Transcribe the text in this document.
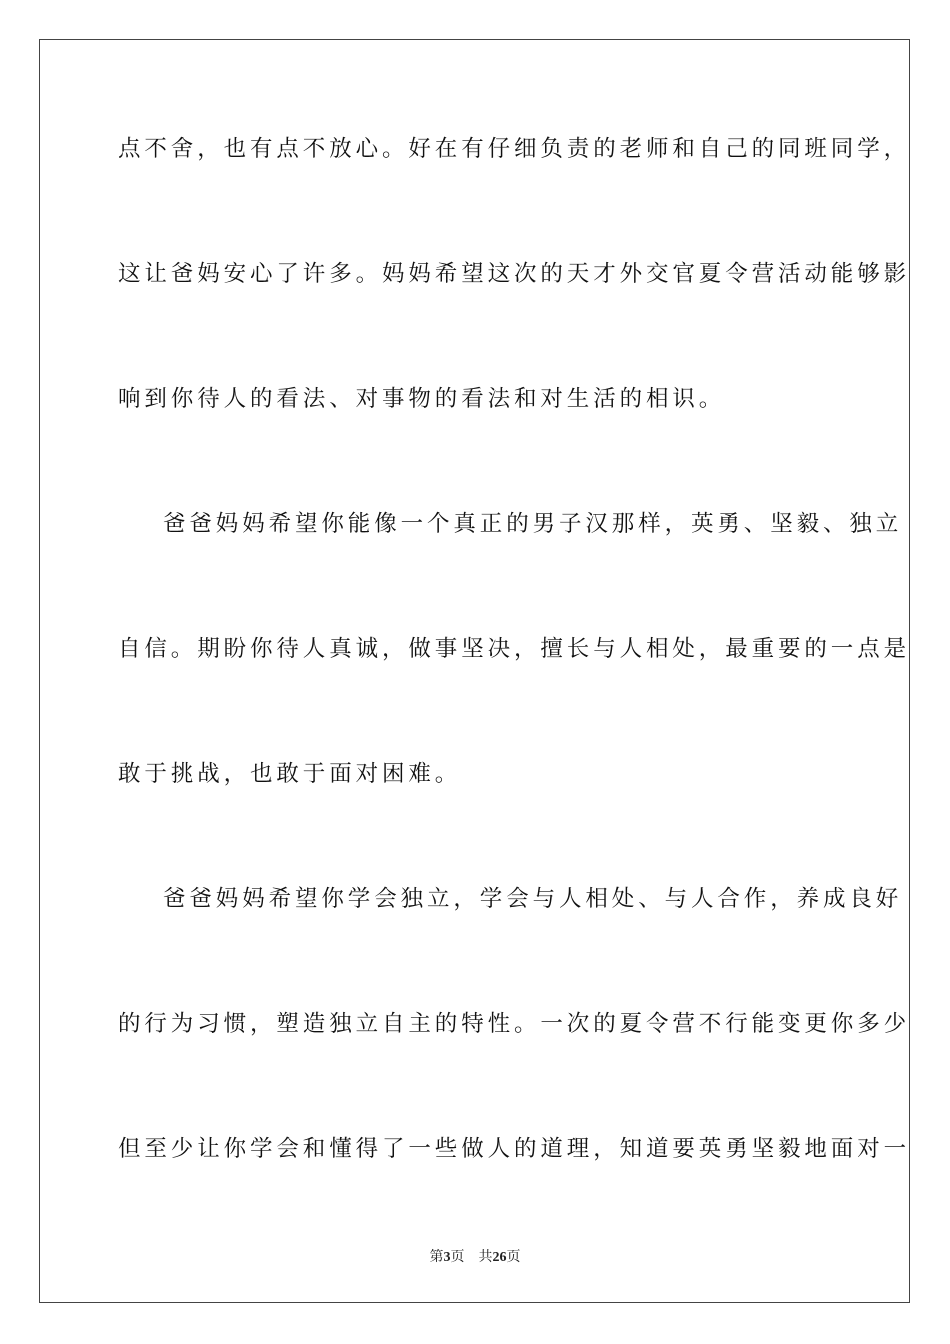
点不舍，也有点不放心。好在有仔细负责的老师和自己的同班同学，
这让爸妈安心了许多。妈妈希望这次的天才外交官夏令营活动能够影
响到你待人的看法、对事物的看法和对生活的相识。
爸爸妈妈希望你能像一个真正的男子汉那样，英勇、坚毅、独立
自信。期盼你待人真诚，做事坚决，擅长与人相处，最重要的一点是
敢于挑战，也敢于面对困难。
爸爸妈妈希望你学会独立，学会与人相处、与人合作，养成良好
的行为习惯，塑造独立自主的特性。一次的夏令营不行能变更你多少
但至少让你学会和懂得了一些做人的道理，知道要英勇坚毅地面对一
第3页 共26页
